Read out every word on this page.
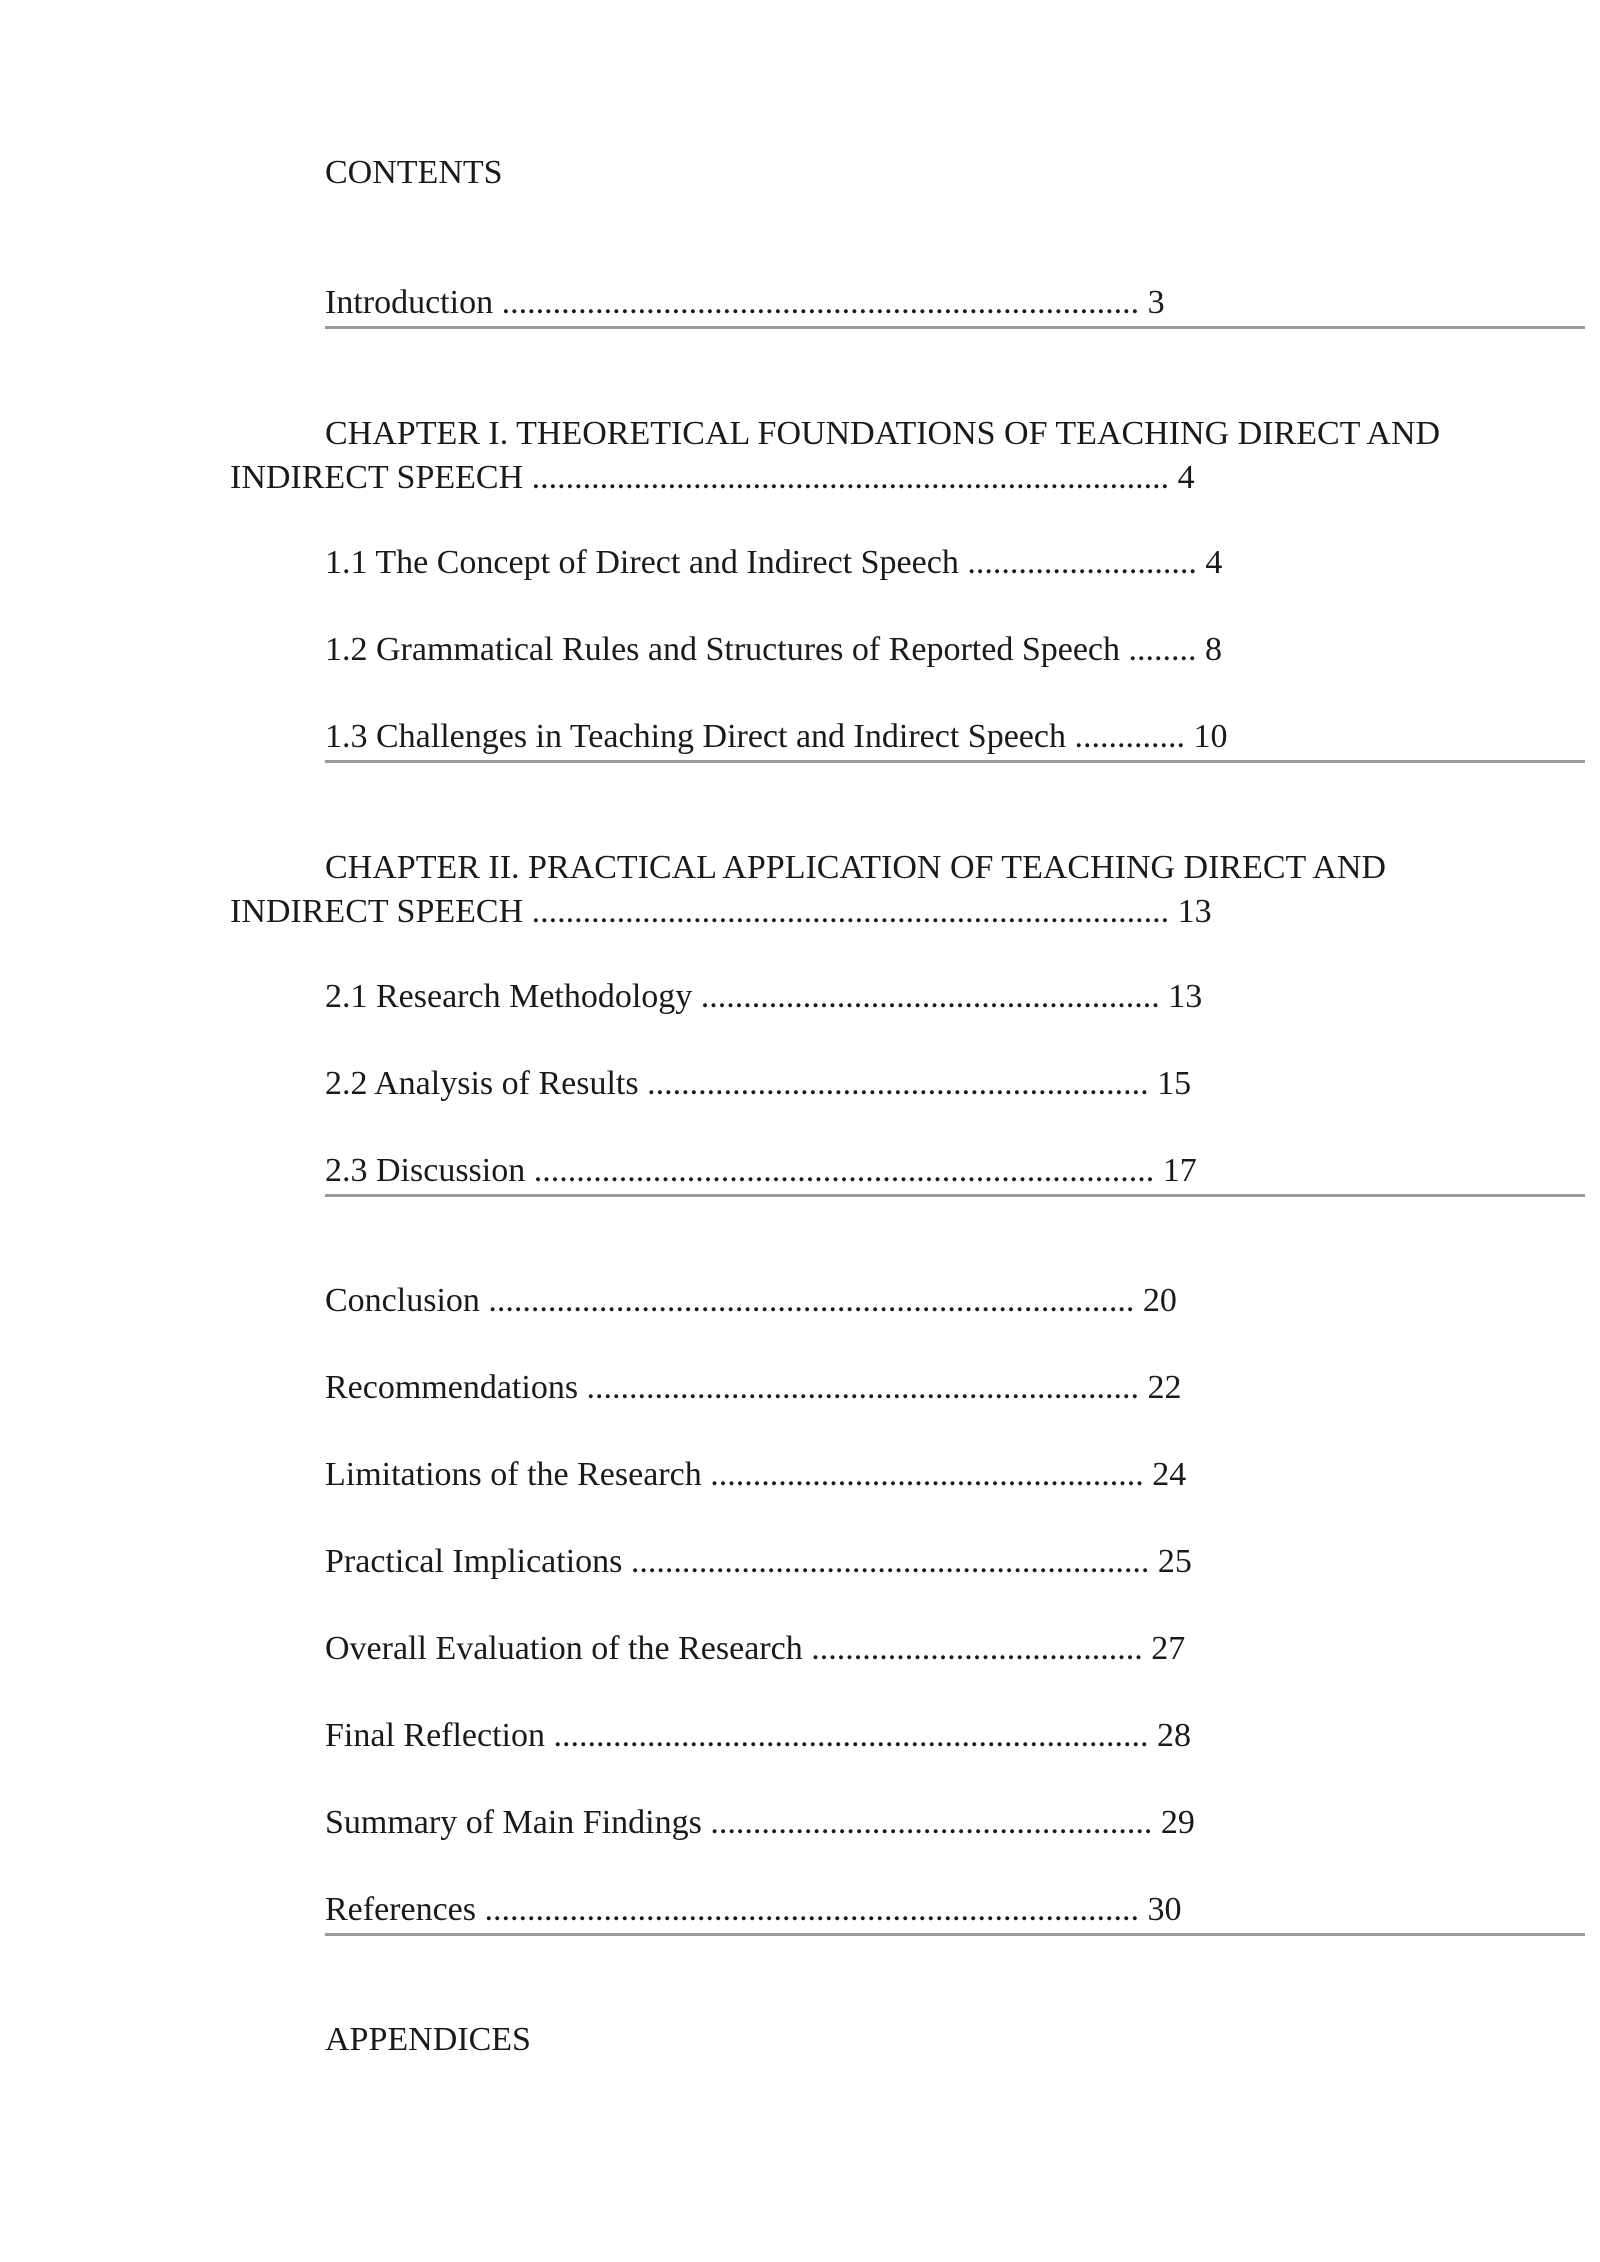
CONTENTS
Introduction ........................................................................... 3
CHAPTER I. THEORETICAL FOUNDATIONS OF TEACHING DIRECT AND INDIRECT SPEECH ........................................................................... 4
1.1 The Concept of Direct and Indirect Speech ........................... 4
1.2 Grammatical Rules and Structures of Reported Speech ........ 8
1.3 Challenges in Teaching Direct and Indirect Speech ............. 10
CHAPTER II. PRACTICAL APPLICATION OF TEACHING DIRECT AND INDIRECT SPEECH ........................................................................... 13
2.1 Research Methodology ...................................................... 13
2.2 Analysis of Results ........................................................... 15
2.3 Discussion ......................................................................... 17
Conclusion ............................................................................ 20
Recommendations ................................................................. 22
Limitations of the Research ................................................... 24
Practical Implications ............................................................. 25
Overall Evaluation of the Research ....................................... 27
Final Reflection ...................................................................... 28
Summary of Main Findings .................................................... 29
References ............................................................................. 30
APPENDICES
